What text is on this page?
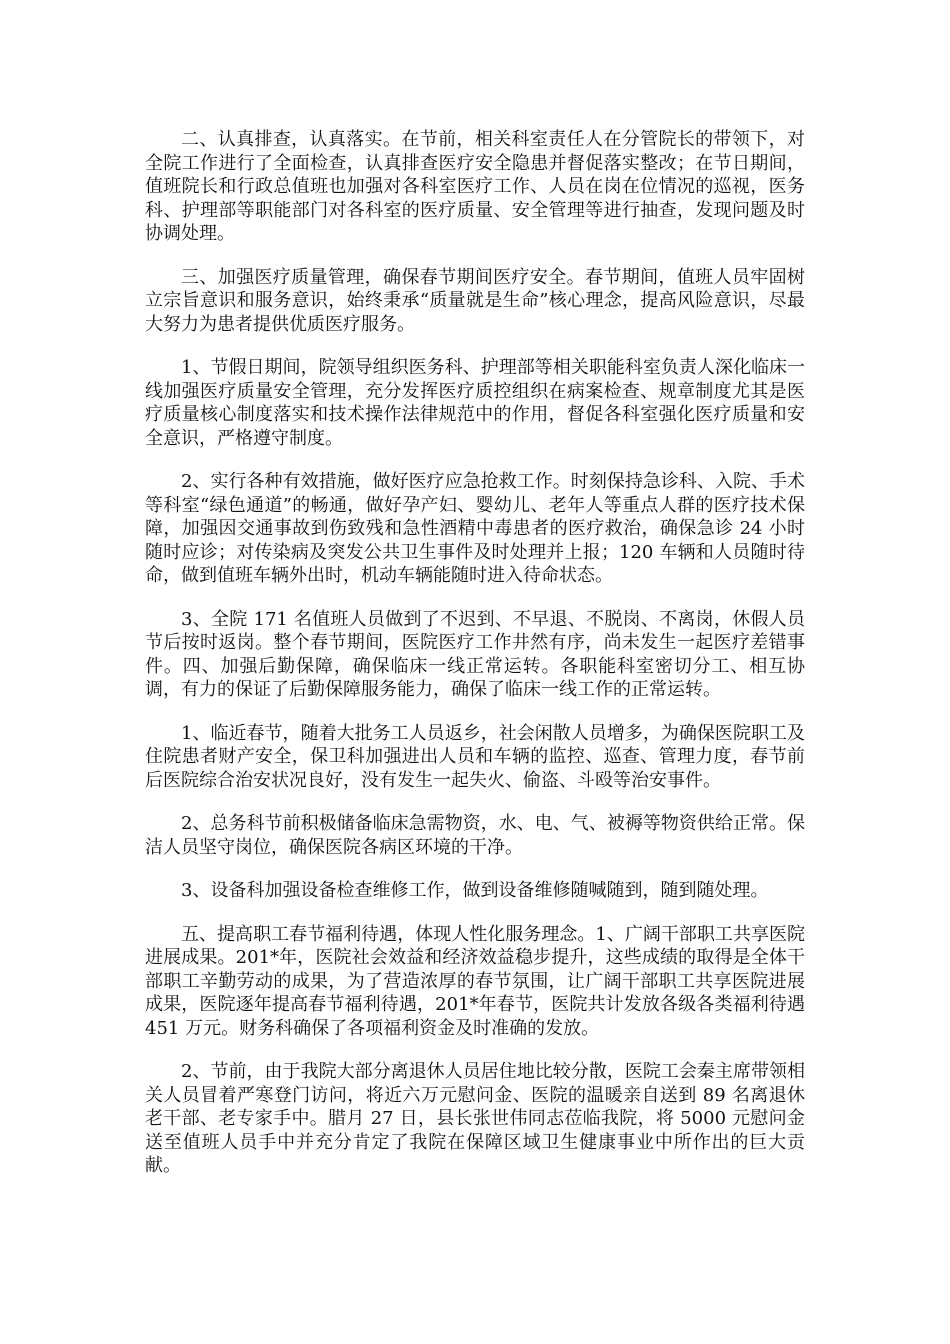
二、认真排查，认真落实。在节前，相关科室责任人在分管院长的带领下，对全院工作进行了全面检查，认真排查医疗安全隐患并督促落实整改；在节日期间，值班院长和行政总值班也加强对各科室医疗工作、人员在岗在位情况的巡视，医务科、护理部等职能部门对各科室的医疗质量、安全管理等进行抽查，发现问题及时协调处理。

三、加强医疗质量管理，确保春节期间医疗安全。春节期间，值班人员牢固树立宗旨意识和服务意识，始终秉承“质量就是生命”核心理念，提高风险意识，尽最大努力为患者提供优质医疗服务。

1、节假日期间，院领导组织医务科、护理部等相关职能科室负责人深化临床一线加强医疗质量安全管理，充分发挥医疗质控组织在病案检查、规章制度尤其是医疗质量核心制度落实和技术操作法律规范中的作用，督促各科室强化医疗质量和安全意识，严格遵守制度。

2、实行各种有效措施，做好医疗应急抢救工作。时刻保持急诊科、入院、手术等科室“绿色通道”的畅通，做好孕产妇、婴幼儿、老年人等重点人群的医疗技术保障，加强因交通事故到伤致残和急性酒精中毒患者的医疗救治，确保急诊 24 小时随时应诊；对传染病及突发公共卫生事件及时处理并上报；120 车辆和人员随时待命，做到值班车辆外出时，机动车辆能随时进入待命状态。

3、全院 171 名值班人员做到了不迟到、不早退、不脱岗、不离岗，休假人员节后按时返岗。整个春节期间，医院医疗工作井然有序，尚未发生一起医疗差错事件。四、加强后勤保障，确保临床一线正常运转。各职能科室密切分工、相互协调，有力的保证了后勤保障服务能力，确保了临床一线工作的正常运转。

1、临近春节，随着大批务工人员返乡，社会闲散人员增多，为确保医院职工及住院患者财产安全，保卫科加强进出人员和车辆的监控、巡查、管理力度，春节前后医院综合治安状况良好，没有发生一起失火、偷盗、斗殴等治安事件。

2、总务科节前积极储备临床急需物资，水、电、气、被褥等物资供给正常。保洁人员坚守岗位，确保医院各病区环境的干净。

3、设备科加强设备检查维修工作，做到设备维修随喊随到，随到随处理。

五、提高职工春节福利待遇，体现人性化服务理念。1、广阔干部职工共享医院进展成果。201*年，医院社会效益和经济效益稳步提升，这些成绩的取得是全体干部职工辛勤劳动的成果，为了营造浓厚的春节氛围，让广阔干部职工共享医院进展成果，医院逐年提高春节福利待遇，201*年春节，医院共计发放各级各类福利待遇 451 万元。财务科确保了各项福利资金及时准确的发放。

2、节前，由于我院大部分离退休人员居住地比较分散，医院工会秦主席带领相关人员冒着严寒登门访问，将近六万元慰问金、医院的温暖亲自送到 89 名离退休老干部、老专家手中。腊月 27 日，县长张世伟同志莅临我院，将 5000 元慰问金送至值班人员手中并充分肯定了我院在保障区域卫生健康事业中所作出的巨大贡献。
